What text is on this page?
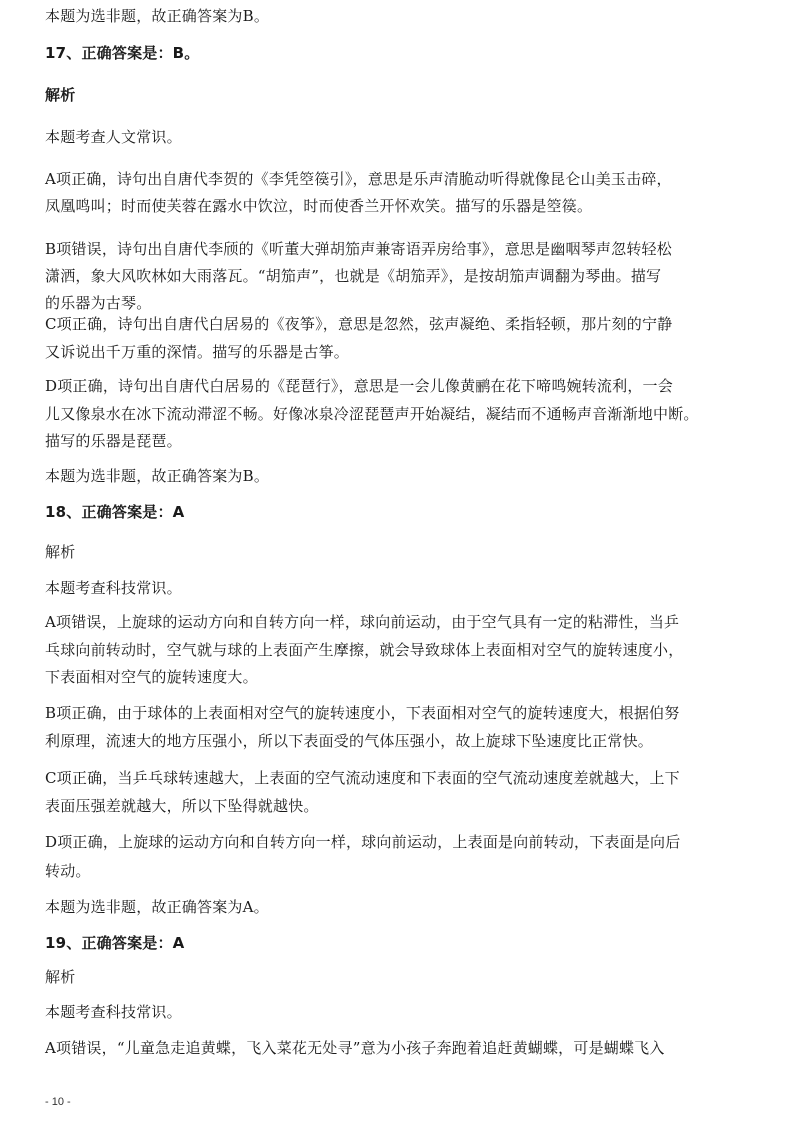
本题为选非题，故正确答案为B。
17、正确答案是：B。
解析
本题考查人文常识。
A项正确，诗句出自唐代李贺的《李凭箜篌引》，意思是乐声清脆动听得就像昆仑山美玉击碎，
凤凰鸣叫；时而使芙蓉在露水中饮泣，时而使香兰开怀欢笑。描写的乐器是箜篌。
B项错误，诗句出自唐代李颀的《听董大弹胡笳声兼寄语弄房给事》，意思是幽咽琴声忽转轻松
潇洒，象大风吹林如大雨落瓦。“胡笳声”，也就是《胡笳弄》，是按胡笳声调翻为琴曲。描写
的乐器为古琴。
C项正确，诗句出自唐代白居易的《夜筝》，意思是忽然，弦声凝绝、柔指轻顿，那片刻的宁静
又诉说出千万重的深情。描写的乐器是古筝。
D项正确，诗句出自唐代白居易的《琵琶行》，意思是一会儿像黄鹂在花下啼鸣婉转流利，一会
儿又像泉水在冰下流动滞涩不畅。好像冰泉冷涩琵琶声开始凝结，凝结而不通畅声音渐渐地中断。
描写的乐器是琵琶。
本题为选非题，故正确答案为B。
18、正确答案是：A
解析
本题考查科技常识。
A项错误，上旋球的运动方向和自转方向一样，球向前运动，由于空气具有一定的粘滞性，当乒
乓球向前转动时，空气就与球的上表面产生摩擦，就会导致球体上表面相对空气的旋转速度小，
下表面相对空气的旋转速度大。
B项正确，由于球体的上表面相对空气的旋转速度小，下表面相对空气的旋转速度大，根据伯努
利原理，流速大的地方压强小，所以下表面受的气体压强小，故上旋球下坠速度比正常快。
C项正确，当乒乓球转速越大，上表面的空气流动速度和下表面的空气流动速度差就越大，上下
表面压强差就越大，所以下坠得就越快。
D项正确，上旋球的运动方向和自转方向一样，球向前运动，上表面是向前转动，下表面是向后
转动。
本题为选非题，故正确答案为A。
19、正确答案是：A
解析
本题考查科技常识。
A项错误，“儿童急走追黄蝶，飞入菜花无处寻”意为小孩子奔跑着追赶黄蝴蝶，可是蝴蝶飞入
- 10 -
